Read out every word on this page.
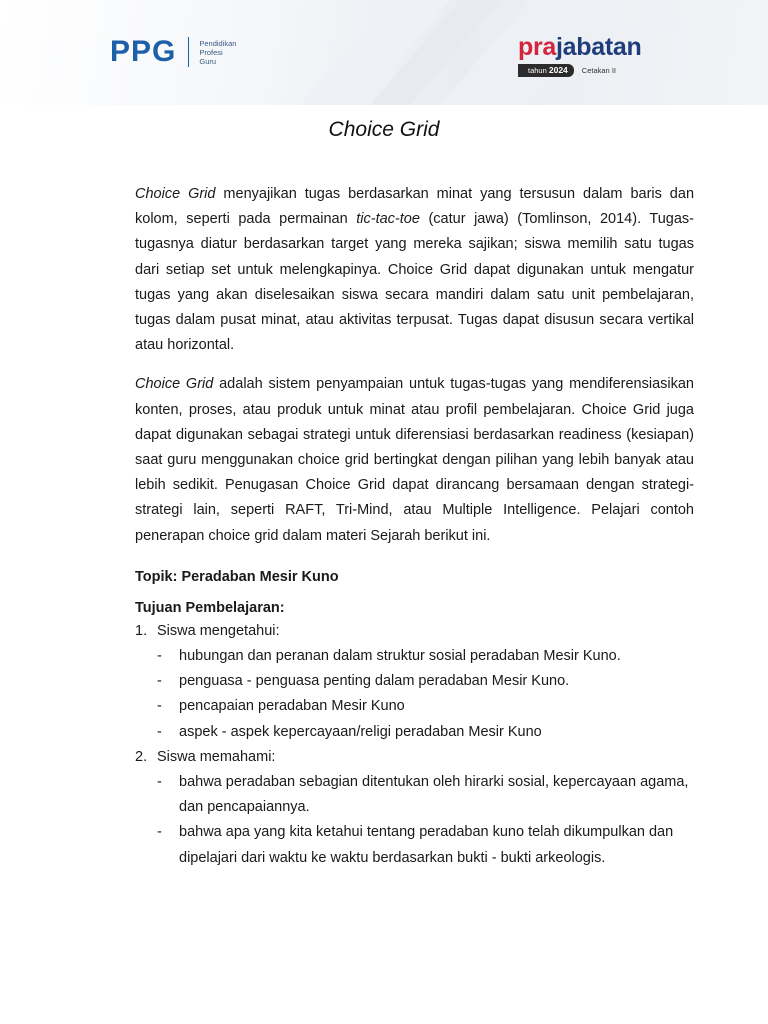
PPG	Pendidikan
Profesi
Guru	prajabatan
tahun 2024	Cetakan II
Choice Grid

Choice Grid menyajikan tugas berdasarkan minat yang tersusun dalam baris dan kolom, seperti pada permainan tic-tac-toe (catur jawa) (Tomlinson, 2014). Tugas-tugasnya diatur berdasarkan target yang mereka sajikan; siswa memilih satu tugas dari setiap set untuk melengkapinya. Choice Grid dapat digunakan untuk mengatur tugas yang akan diselesaikan siswa secara mandiri dalam satu unit pembelajaran, tugas dalam pusat minat, atau aktivitas terpusat. Tugas dapat disusun secara vertikal atau horizontal.

Choice Grid adalah sistem penyampaian untuk tugas-tugas yang mendiferensiasikan konten, proses, atau produk untuk minat atau profil pembelajaran. Choice Grid juga dapat digunakan sebagai strategi untuk diferensiasi berdasarkan readiness (kesiapan) saat guru menggunakan choice grid bertingkat dengan pilihan yang lebih banyak atau lebih sedikit. Penugasan Choice Grid dapat dirancang bersamaan dengan strategi-strategi lain, seperti RAFT, Tri-Mind, atau Multiple Intelligence. Pelajari contoh penerapan choice grid dalam materi Sejarah berikut ini.

Topik: Peradaban Mesir Kuno
Tujuan Pembelajaran:
1. Siswa mengetahui:
-	hubungan dan peranan dalam struktur sosial peradaban Mesir Kuno.
-	penguasa - penguasa penting dalam peradaban Mesir Kuno.
-	pencapaian peradaban Mesir Kuno
-	aspek - aspek kepercayaan/religi peradaban Mesir Kuno
2. Siswa memahami:
-	bahwa peradaban sebagian ditentukan oleh hirarki sosial, kepercayaan agama, dan pencapaiannya.
-	bahwa apa yang kita ketahui tentang peradaban kuno telah dikumpulkan dan dipelajari dari waktu ke waktu berdasarkan bukti - bukti arkeologis.
